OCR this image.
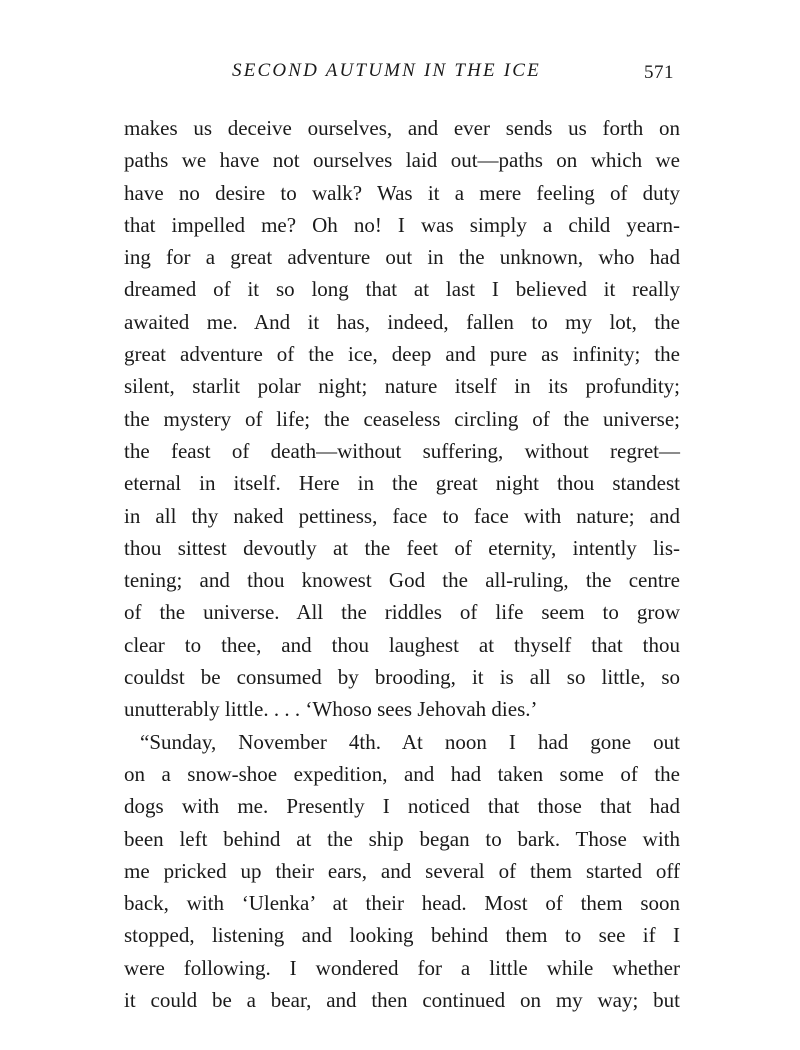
SECOND AUTUMN IN THE ICE	571
makes us deceive ourselves, and ever sends us forth on
paths we have not ourselves laid out—paths on which we
have no desire to walk? Was it a mere feeling of duty
that impelled me? Oh no! I was simply a child yearn-
ing for a great adventure out in the unknown, who had
dreamed of it so long that at last I believed it really
awaited me. And it has, indeed, fallen to my lot, the
great adventure of the ice, deep and pure as infinity; the
silent, starlit polar night; nature itself in its profundity;
the mystery of life; the ceaseless circling of the universe;
the feast of death—without suffering, without regret—
eternal in itself. Here in the great night thou standest
in all thy naked pettiness, face to face with nature; and
thou sittest devoutly at the feet of eternity, intently lis-
tening; and thou knowest God the all-ruling, the centre
of the universe. All the riddles of life seem to grow
clear to thee, and thou laughest at thyself that thou
couldst be consumed by brooding, it is all so little, so
unutterably little. . . . ‘Whoso sees Jehovah dies.’
“Sunday, November 4th. At noon I had gone out
on a snow-shoe expedition, and had taken some of the
dogs with me. Presently I noticed that those that had
been left behind at the ship began to bark. Those with
me pricked up their ears, and several of them started off
back, with ‘Ulenka’ at their head. Most of them soon
stopped, listening and looking behind them to see if I
were following. I wondered for a little while whether
it could be a bear, and then continued on my way; but
